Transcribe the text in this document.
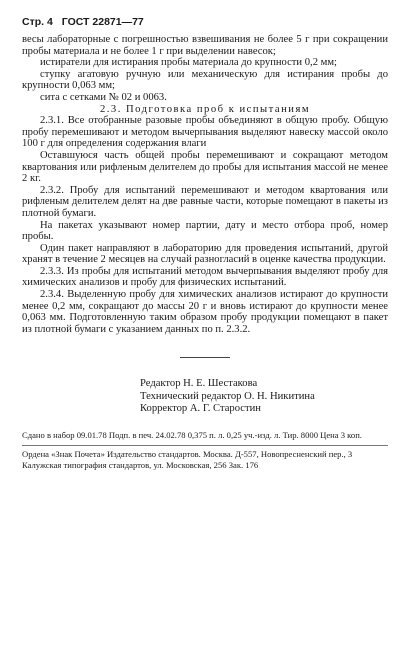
Стр. 4 ГОСТ 22871—77

весы лабораторные с погрешностью взвешивания не более 5 г при сокращении пробы материала и не более 1 г при выделении навесок;

истиратели для истирания пробы материала до крупности 0,2 мм;

ступку агатовую ручную или механическую для истирания пробы до крупности 0,063 мм;

сита с сетками № 02 и 0063.

2.3. Подготовка проб к испытаниям

2.3.1. Все отобранные разовые пробы объединяют в общую пробу. Общую пробу перемешивают и методом вычерпывания выделяют навеску массой около 100 г для определения содержания влаги

Оставшуюся часть общей пробы перемешивают и сокращают методом квартования или рифленым делителем до пробы для испытания массой не менее 2 кг.

2.3.2. Пробу для испытаний перемешивают и методом квартования или рифленым делителем делят на две равные части, которые помещают в пакеты из плотной бумаги.

На пакетах указывают номер партии, дату и место отбора проб, номер пробы.

Один пакет направляют в лабораторию для проведения испытаний, другой хранят в течение 2 месяцев на случай разногласий в оценке качества продукции.

2.3.3. Из пробы для испытаний методом вычерпывания выделяют пробу для химических анализов и пробу для физических испытаний.

2.3.4. Выделенную пробу для химических анализов истирают до крупности менее 0,2 мм, сокращают до массы 20 г и вновь истирают до крупности менее 0,063 мм. Подготовленную таким образом пробу продукции помещают в пакет из плотной бумаги с указанием данных по п. 2.3.2.

Редактор Н. Е. Шестакова
Технический редактор О. Н. Никитина
Корректор А. Г. Старостин
Сдано в набор 09.01.78 Подп. в печ. 24.02.78 0,375 п. л. 0,25 уч.-изд. л. Тир. 8000 Цена 3 коп.
Ордена «Знак Почета» Издательство стандартов. Москва. Д-557, Новопресненский пер., 3
Калужская типография стандартов, ул. Московская, 256 Зак. 176
